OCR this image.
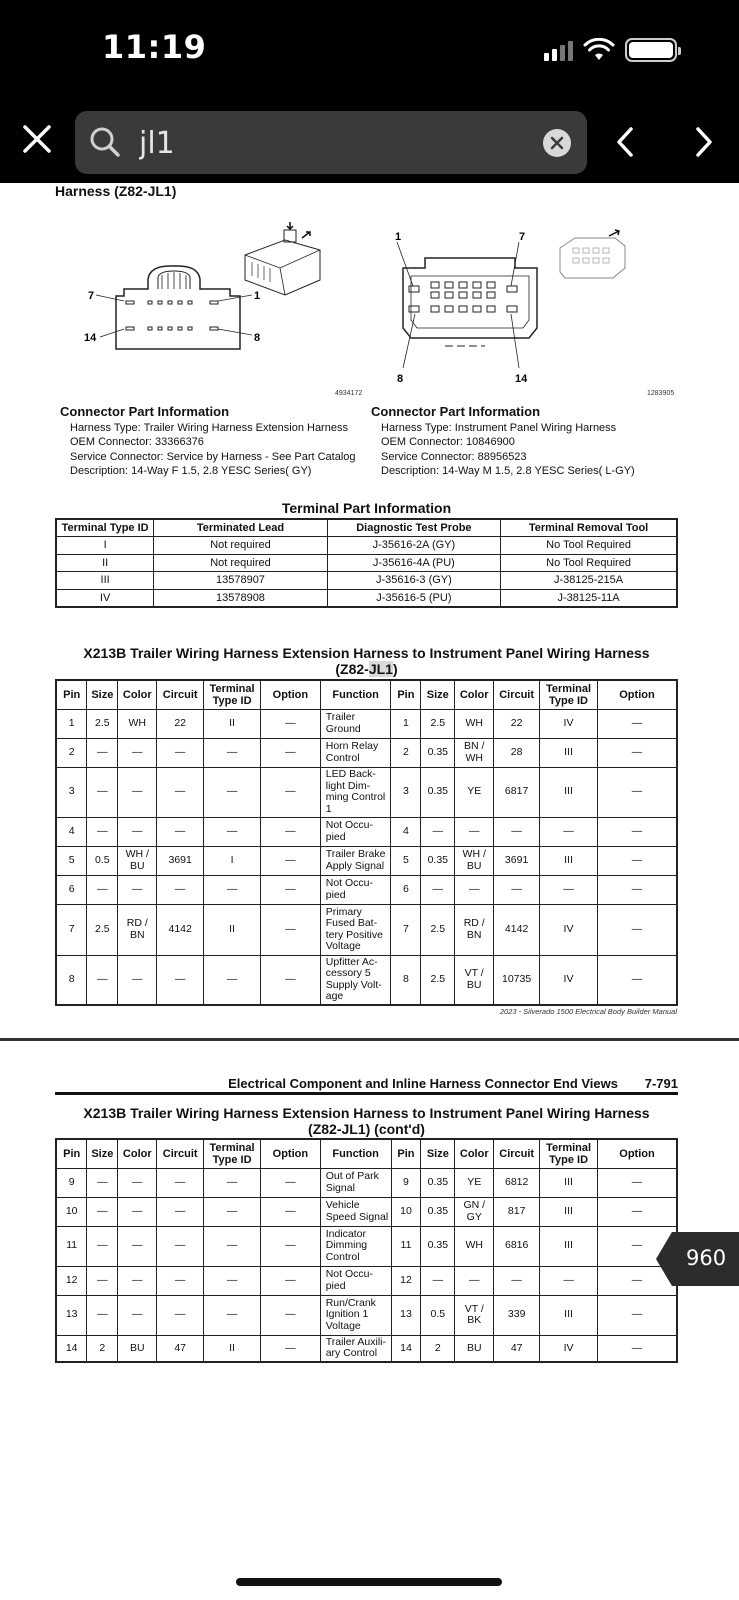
11:19
jl1
Harness (Z82-JL1)
7	1
14	8
4934172
1	7
8	14
1283905
Connector Part Information
Harness Type: Trailer Wiring Harness Extension Harness
OEM Connector: 33366376
Service Connector: Service by Harness - See Part Catalog
Description: 14-Way F 1.5, 2.8 YESC Series( GY)
Connector Part Information
Harness Type: Instrument Panel Wiring Harness
OEM Connector: 10846900
Service Connector: 88956523
Description: 14-Way M 1.5, 2.8 YESC Series( L-GY)
Terminal Part Information
Terminal Type ID	Terminated Lead	Diagnostic Test Probe	Terminal Removal Tool
I	Not required	J-35616-2A (GY)	No Tool Required
II	Not required	J-35616-4A (PU)	No Tool Required
III	13578907	J-35616-3 (GY)	J-38125-215A
IV	13578908	J-35616-5 (PU)	J-38125-11A
X213B Trailer Wiring Harness Extension Harness to Instrument Panel Wiring Harness
(Z82-JL1)
Pin	Size	Color	Circuit	Terminal Type ID	Option	Function	Pin	Size	Color	Circuit	Terminal Type ID	Option
1	2.5	WH	22	II	—	Trailer Ground	1	2.5	WH	22	IV	—
2	—	—	—	—	—	Horn Relay Control	2	0.35	BN / WH	28	III	—
3	—	—	—	—	—	LED Back-light Dim-ming Control 1	3	0.35	YE	6817	III	—
4	—	—	—	—	—	Not Occu-pied	4	—	—	—	—	—
5	0.5	WH / BU	3691	I	—	Trailer Brake Apply Signal	5	0.35	WH / BU	3691	III	—
6	—	—	—	—	—	Not Occu-pied	6	—	—	—	—	—
7	2.5	RD / BN	4142	II	—	Primary Fused Bat-tery Positive Voltage	7	2.5	RD / BN	4142	IV	—
8	—	—	—	—	—	Upfitter Ac-cessory 5 Supply Volt-age	8	2.5	VT / BU	10735	IV	—
2023 - Silverado 1500 Electrical Body Builder Manual
Electrical Component and Inline Harness Connector End Views 7-791
X213B Trailer Wiring Harness Extension Harness to Instrument Panel Wiring Harness
(Z82-JL1) (cont'd)
Pin	Size	Color	Circuit	Terminal Type ID	Option	Function	Pin	Size	Color	Circuit	Terminal Type ID	Option
9	—	—	—	—	—	Out of Park Signal	9	0.35	YE	6812	III	—
10	—	—	—	—	—	Vehicle Speed Signal	10	0.35	GN / GY	817	III	—
11	—	—	—	—	—	Indicator Dimming Control	11	0.35	WH	6816	III	—
12	—	—	—	—	—	Not Occu-pied	12	—	—	—	—	—
13	—	—	—	—	—	Run/Crank Ignition 1 Voltage	13	0.5	VT / BK	339	III	—
14	2	BU	47	II	—	Trailer Auxili-ary Control	14	2	BU	47	IV	—
960
